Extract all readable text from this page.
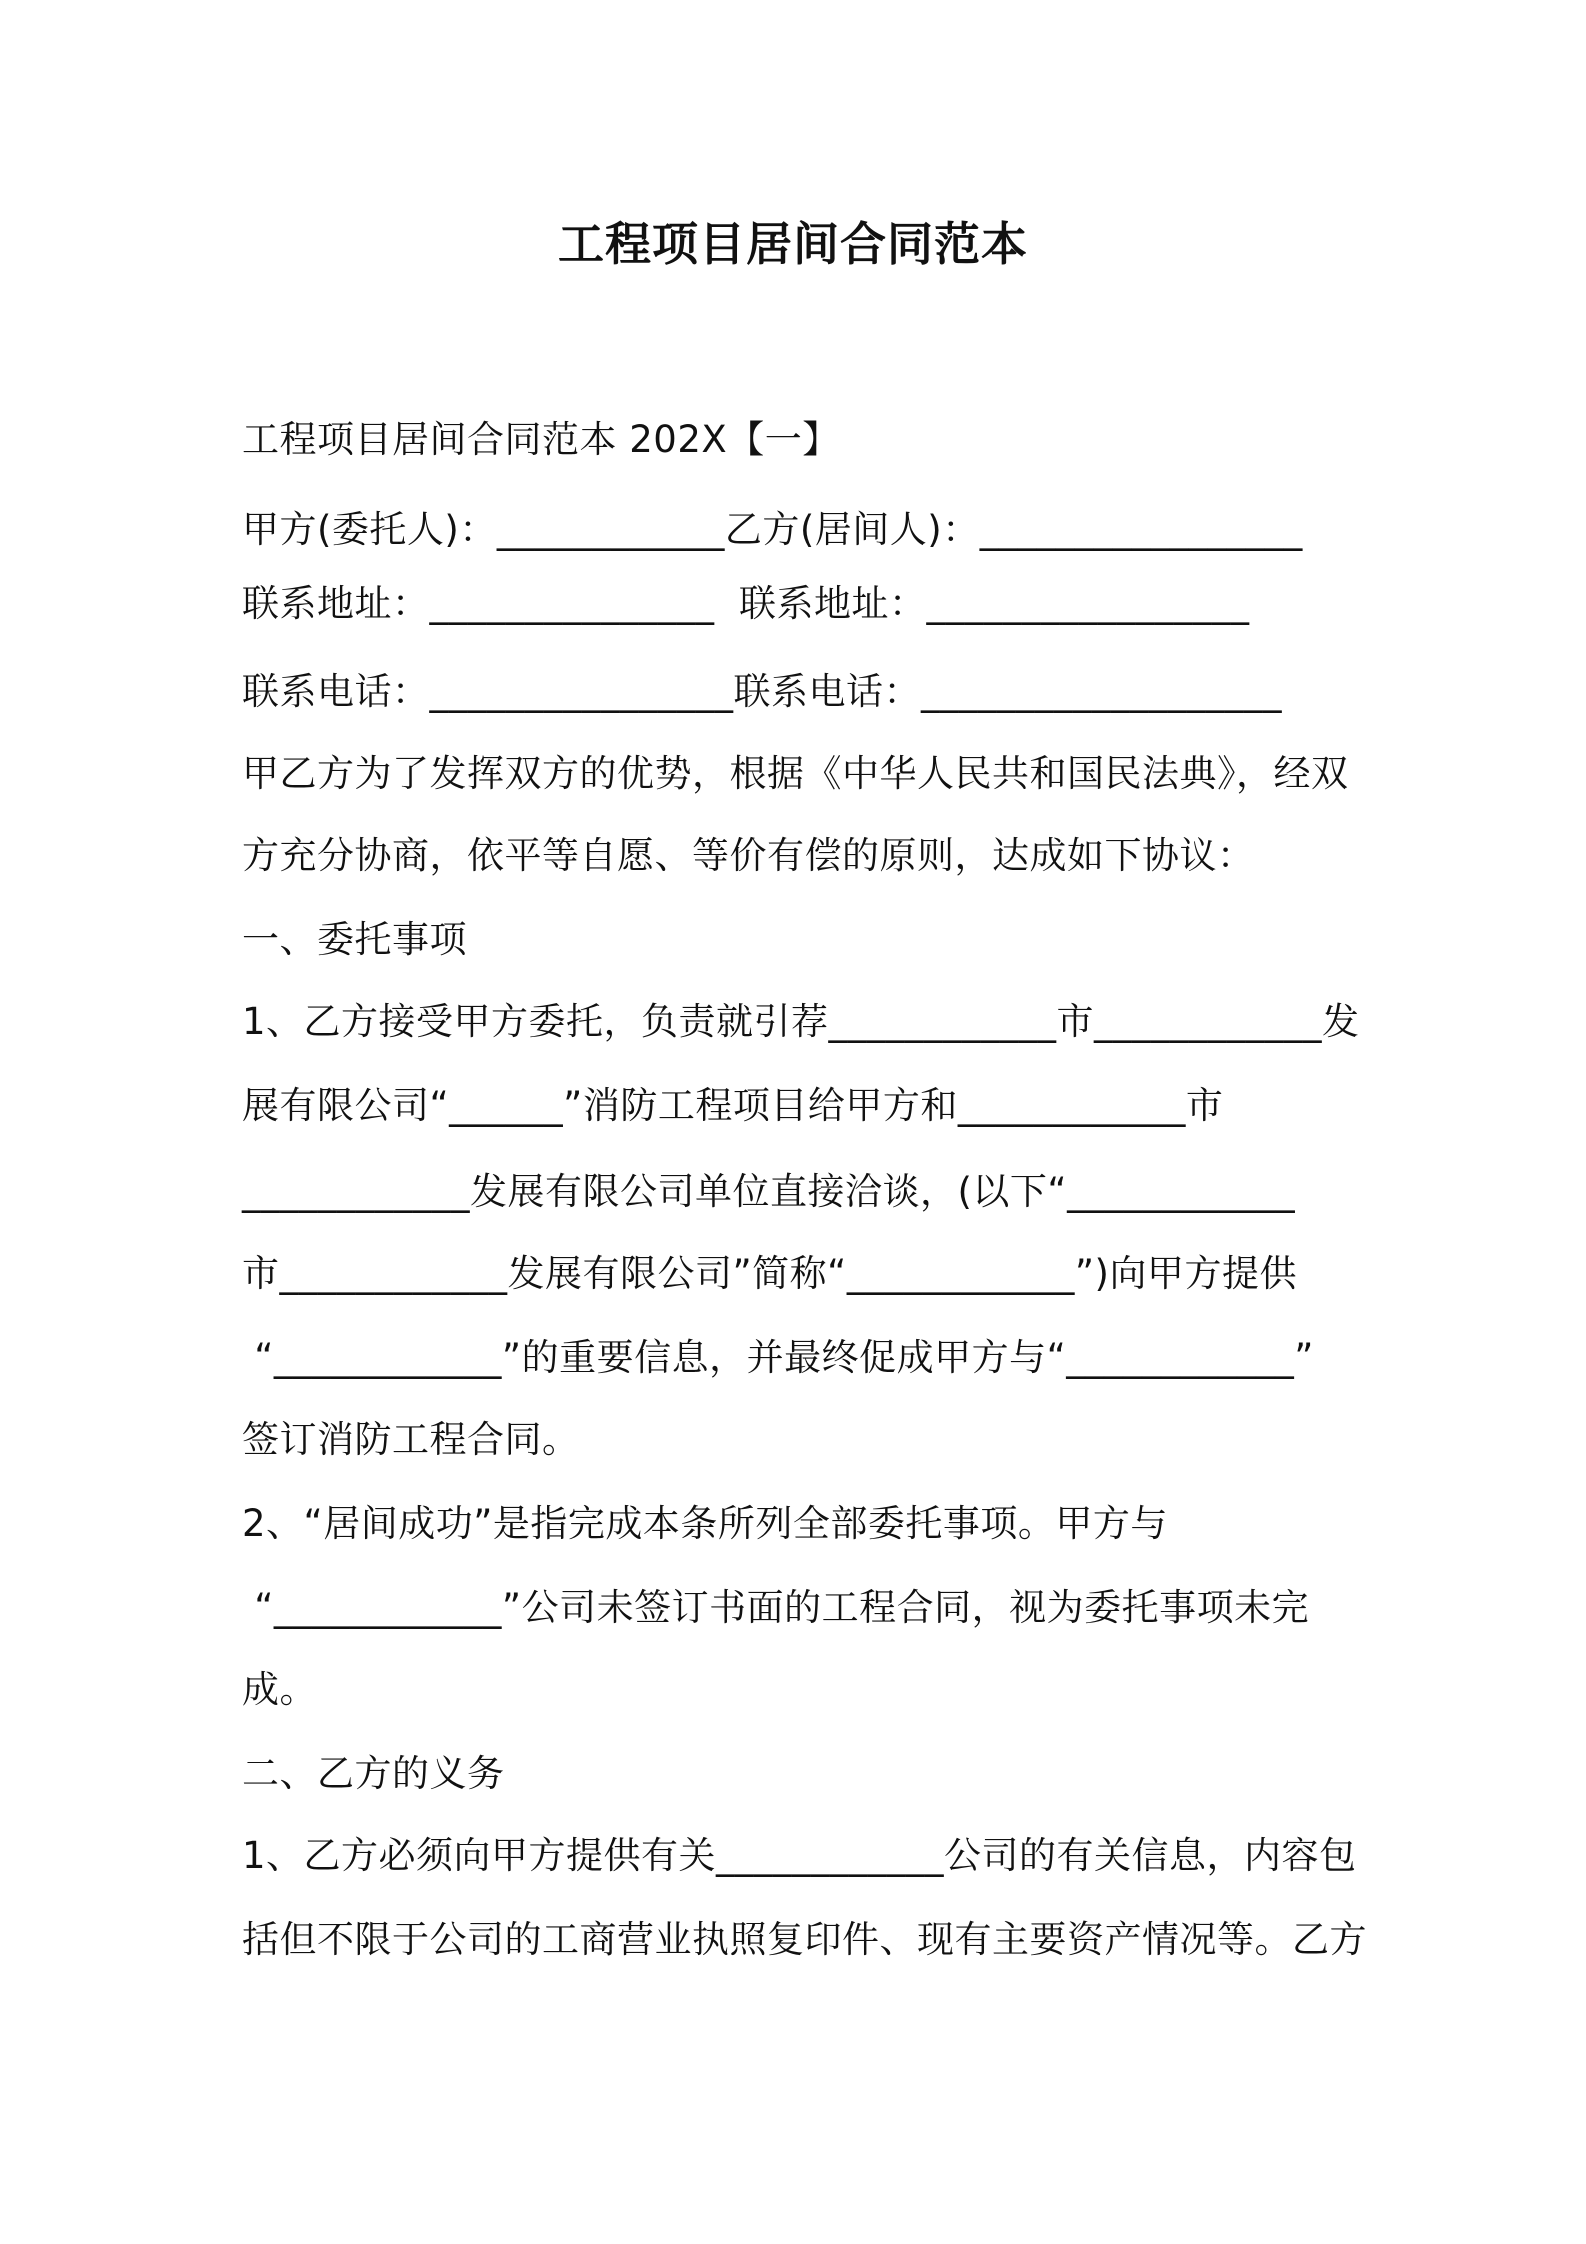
工程项目居间合同范本
工程项目居间合同范本 202X【一】
甲方(委托人)：____________乙方(居间人)：_________________
联系地址：_______________  联系地址：_________________
联系电话：________________联系电话：___________________
甲乙方为了发挥双方的优势，根据《中华人民共和国民法典》，经双
方充分协商，依平等自愿、等价有偿的原则，达成如下协议：
一、委托事项
1、乙方接受甲方委托，负责就引荐____________市____________发
展有限公司“______”消防工程项目给甲方和____________市
____________发展有限公司单位直接洽谈，(以下“____________
市____________发展有限公司”简称“____________”)向甲方提供
“____________”的重要信息，并最终促成甲方与“____________”
签订消防工程合同。
2、“居间成功”是指完成本条所列全部委托事项。甲方与
“____________”公司未签订书面的工程合同，视为委托事项未完
成。
二、乙方的义务
1、乙方必须向甲方提供有关____________公司的有关信息，内容包
括但不限于公司的工商营业执照复印件、现有主要资产情况等。乙方
